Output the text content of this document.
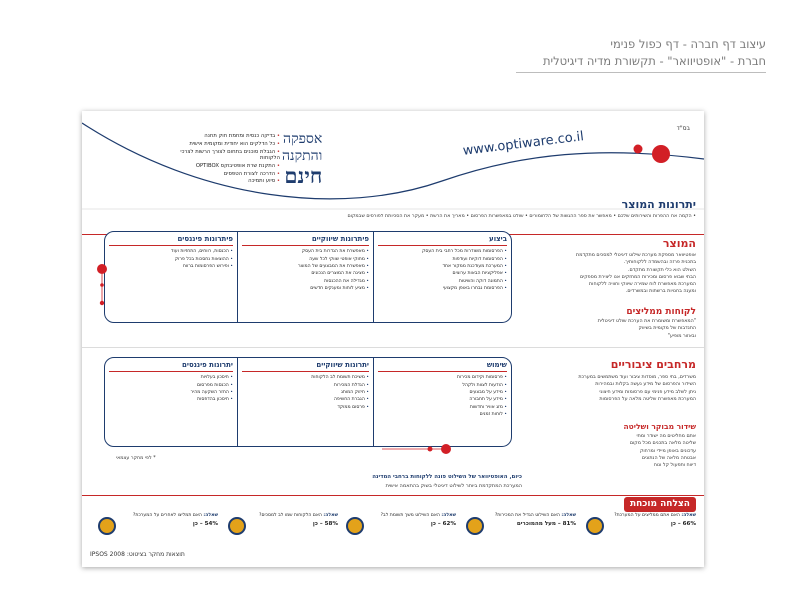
עיצוב דף חברה - דף כפול פנימי
חברת - "אופטיוואר" - תקשורת מדיה דיגיטלית
בס"ד
אספקה
והתקנה
חינם
• בדיקה כנסית ומחמת חוק תחנה
• כל הדלקים הוא יחודית ומקומית אישית
• הגבלת סוכנים בתחום לצורך הרשות לצרכי הלקוחות
• התקנת שרת אופטיבוקס OPTIBOX
• הדרכה לצורת הטפסים
• סיוע ותמיכה
www.optiware.co.il
יתרונות המוצר
• הקמה אח ההפרות והשירותים שלכם • מאפשר את ספר ההגשות של הלחומורים • שולט במאפשרות הפרסום • מאריך את הרשת • מעקר את הסכיותת לפורסים שבמקום
ביצוע
• הפרסומות משודרות מכל רחבי בית העסק
• הפרסומות דוקיות ועודפות
• המערכת מעודכנת ממקור אחד
• אפליקציות הבאות ערוצים
• התמונה דוקה והשיטות
• הפרסומת נבחרו באופן מקצועי
פיתרונות שיווקיים
• מאפשרת את הגדרות בית העסק
• מחוקי אופטי שווקי לכל שעה
• מאפשרת את המבצעים של המוצר
• מציגה את המוצרים הנכונים
• מגדילה את ההכנסות
• מציע לוחות ומענקים חדשים
פיתרונות פיננסים
• הכנסות, רווחים, התחזיות ועוד
• ההוצאות נחסכות בכל פרוק
• ופירוש הפרסומות ברווח
המוצר

אופטיוואר מספקת מערכת שילוט דיגיטלי למסכים מתקדמת

בתכנית פרזה ובהשמדה ללקוחותיך.

השולט הוא כלי תקשורת מתקדם.

הבתי שבוא פרסום ומכירות המחזקים אנו ליצירת מספקים

המערכת מאפשרת לוח שמירה שיווקי וחוויה ללקוחות

ומענה בחנויות ברשתות ובמשרדים.

לקוחות ממליצים

"המאפשרת ומשומרת את הערכת שולט דיגיטלית

התנדבות של מקומית בשיווק

ובאזור מופיע"

שימוש
• פרסומות וקידום מכירות
• הודעות לצוות ולקהל
• מידע על מבצעים
• מידע על תחבורה
• מזג אוויר וחדשות
• לוחות זמנים
יתרונות שיווקיים
• משיכת תשומת לב הלקוחות
• הגדלת המכירות
• חיזוק המותג
• הגברת החשיפה
• פרסום ממוקד
יתרונות פיננסים
• חיסכון בעלויות
• הכנסות מפרסום
• החזר השקעה מהיר
• חיסכון בהדפסות
מרחבים ציבוריים

משרדים, בתי ספר, מוסדות ציבור ועוד משתמשים במערכת

השידור והפרסום של מידע נעשה בקלות ובמהירות

ניתן לשלב מידע פנימי עם פרסומות ומידע חיצוני

המערכת מאפשרת שליטה מלאה על הפרסומות

שידור מבוקר ושליטה

אתם מחליטים מה ישודר ומתי

שליטה מלאה בתכנים מכל מקום

עדכונים באופן מיידי ומרחוק

אבטחה מלאה של הנתונים

דיווח ותפעול קל ונוח

* לפי מחקר עצמאי
כיום, האופטיוואר של השילוט פונה ללקוחות ברחבי המדינה
המערכת המתקדמת ביותר לשילוט דיגיטלי בשוק בהתאמה אישית
הצלחה מוכחת
שאלה: האם אתם ממליצים על המערכת?
66% – כן
שאלה: האם השילוט הגדיל את המכירות?
81% – מעל מהמוכרים
שאלה: האם השילוט משך תשומת לב?
62% – כן
שאלה: האם הלקוחות שמו לב למסכים?
58% – כן
שאלה: האם תמליצו לאחרים על המערכת?
54% – כן
תוצאות מחקר בציטוט: IPSOS 2008
